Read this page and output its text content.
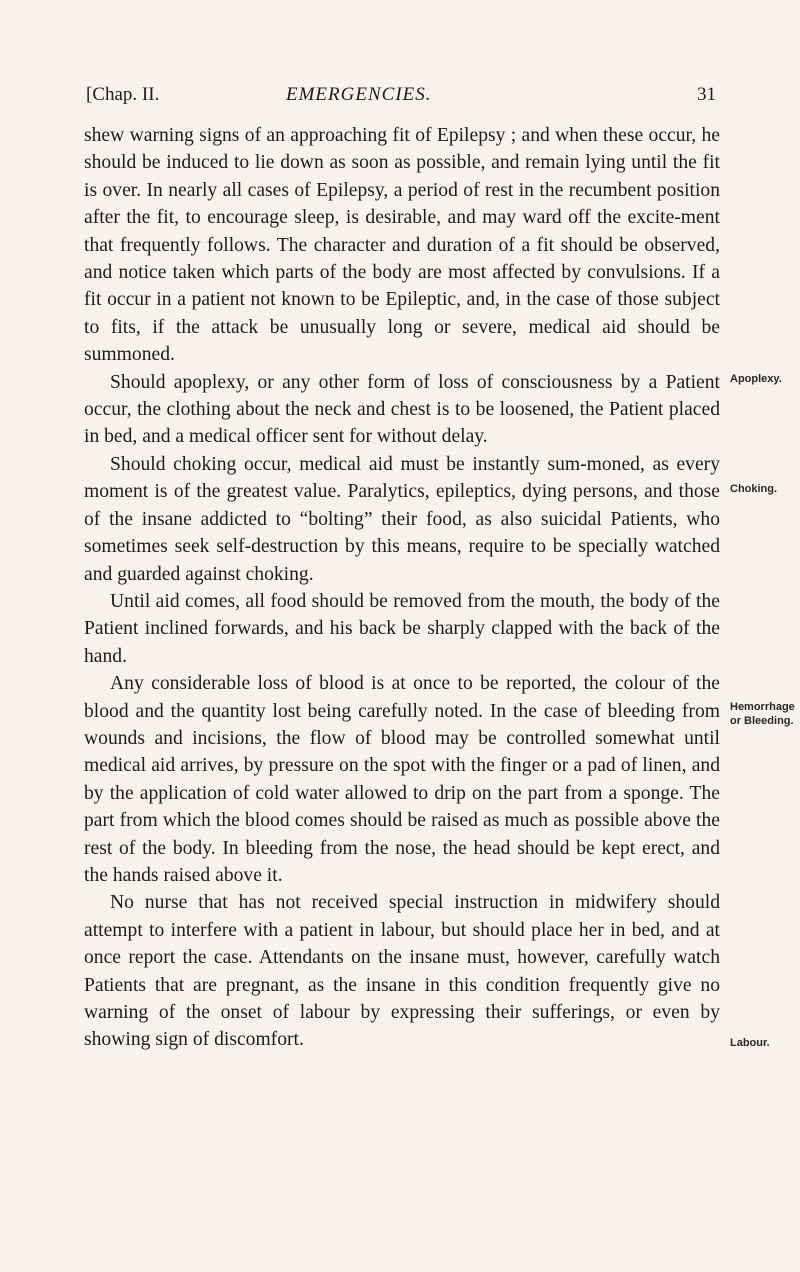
[Chap. II.	EMERGENCIES.	31

shew warning signs of an approaching fit of Epilepsy ; and when these occur, he should be induced to lie down as soon as possible, and remain lying until the fit is over. In nearly all cases of Epilepsy, a period of rest in the recumbent position after the fit, to encourage sleep, is desirable, and may ward off the excite-ment that frequently follows. The character and duration of a fit should be observed, and notice taken which parts of the body are most affected by convulsions. If a fit occur in a patient not known to be Epileptic, and, in the case of those subject to fits, if the attack be unusually long or severe, medical aid should be summoned.

Should apoplexy, or any other form of loss of consciousness by a Patient occur, the clothing about the neck and chest is to be loosened, the Patient placed in bed, and a medical officer sent for without delay.

Should choking occur, medical aid must be instantly sum-moned, as every moment is of the greatest value. Paralytics, epileptics, dying persons, and those of the insane addicted to “bolting” their food, as also suicidal Patients, who sometimes seek self-destruction by this means, require to be specially watched and guarded against choking.

Until aid comes, all food should be removed from the mouth, the body of the Patient inclined forwards, and his back be sharply clapped with the back of the hand.

Any considerable loss of blood is at once to be reported, the colour of the blood and the quantity lost being carefully noted. In the case of bleeding from wounds and incisions, the flow of blood may be controlled somewhat until medical aid arrives, by pressure on the spot with the finger or a pad of linen, and by the application of cold water allowed to drip on the part from a sponge. The part from which the blood comes should be raised as much as possible above the rest of the body. In bleeding from the nose, the head should be kept erect, and the hands raised above it.

No nurse that has not received special instruction in midwifery should attempt to interfere with a patient in labour, but should place her in bed, and at once report the case. Attendants on the insane must, however, carefully watch Patients that are pregnant, as the insane in this condition frequently give no warning of the onset of labour by expressing their sufferings, or even by showing sign of discomfort.

Apoplexy.
Choking.
Hemorrhage or Bleeding.
Labour.
